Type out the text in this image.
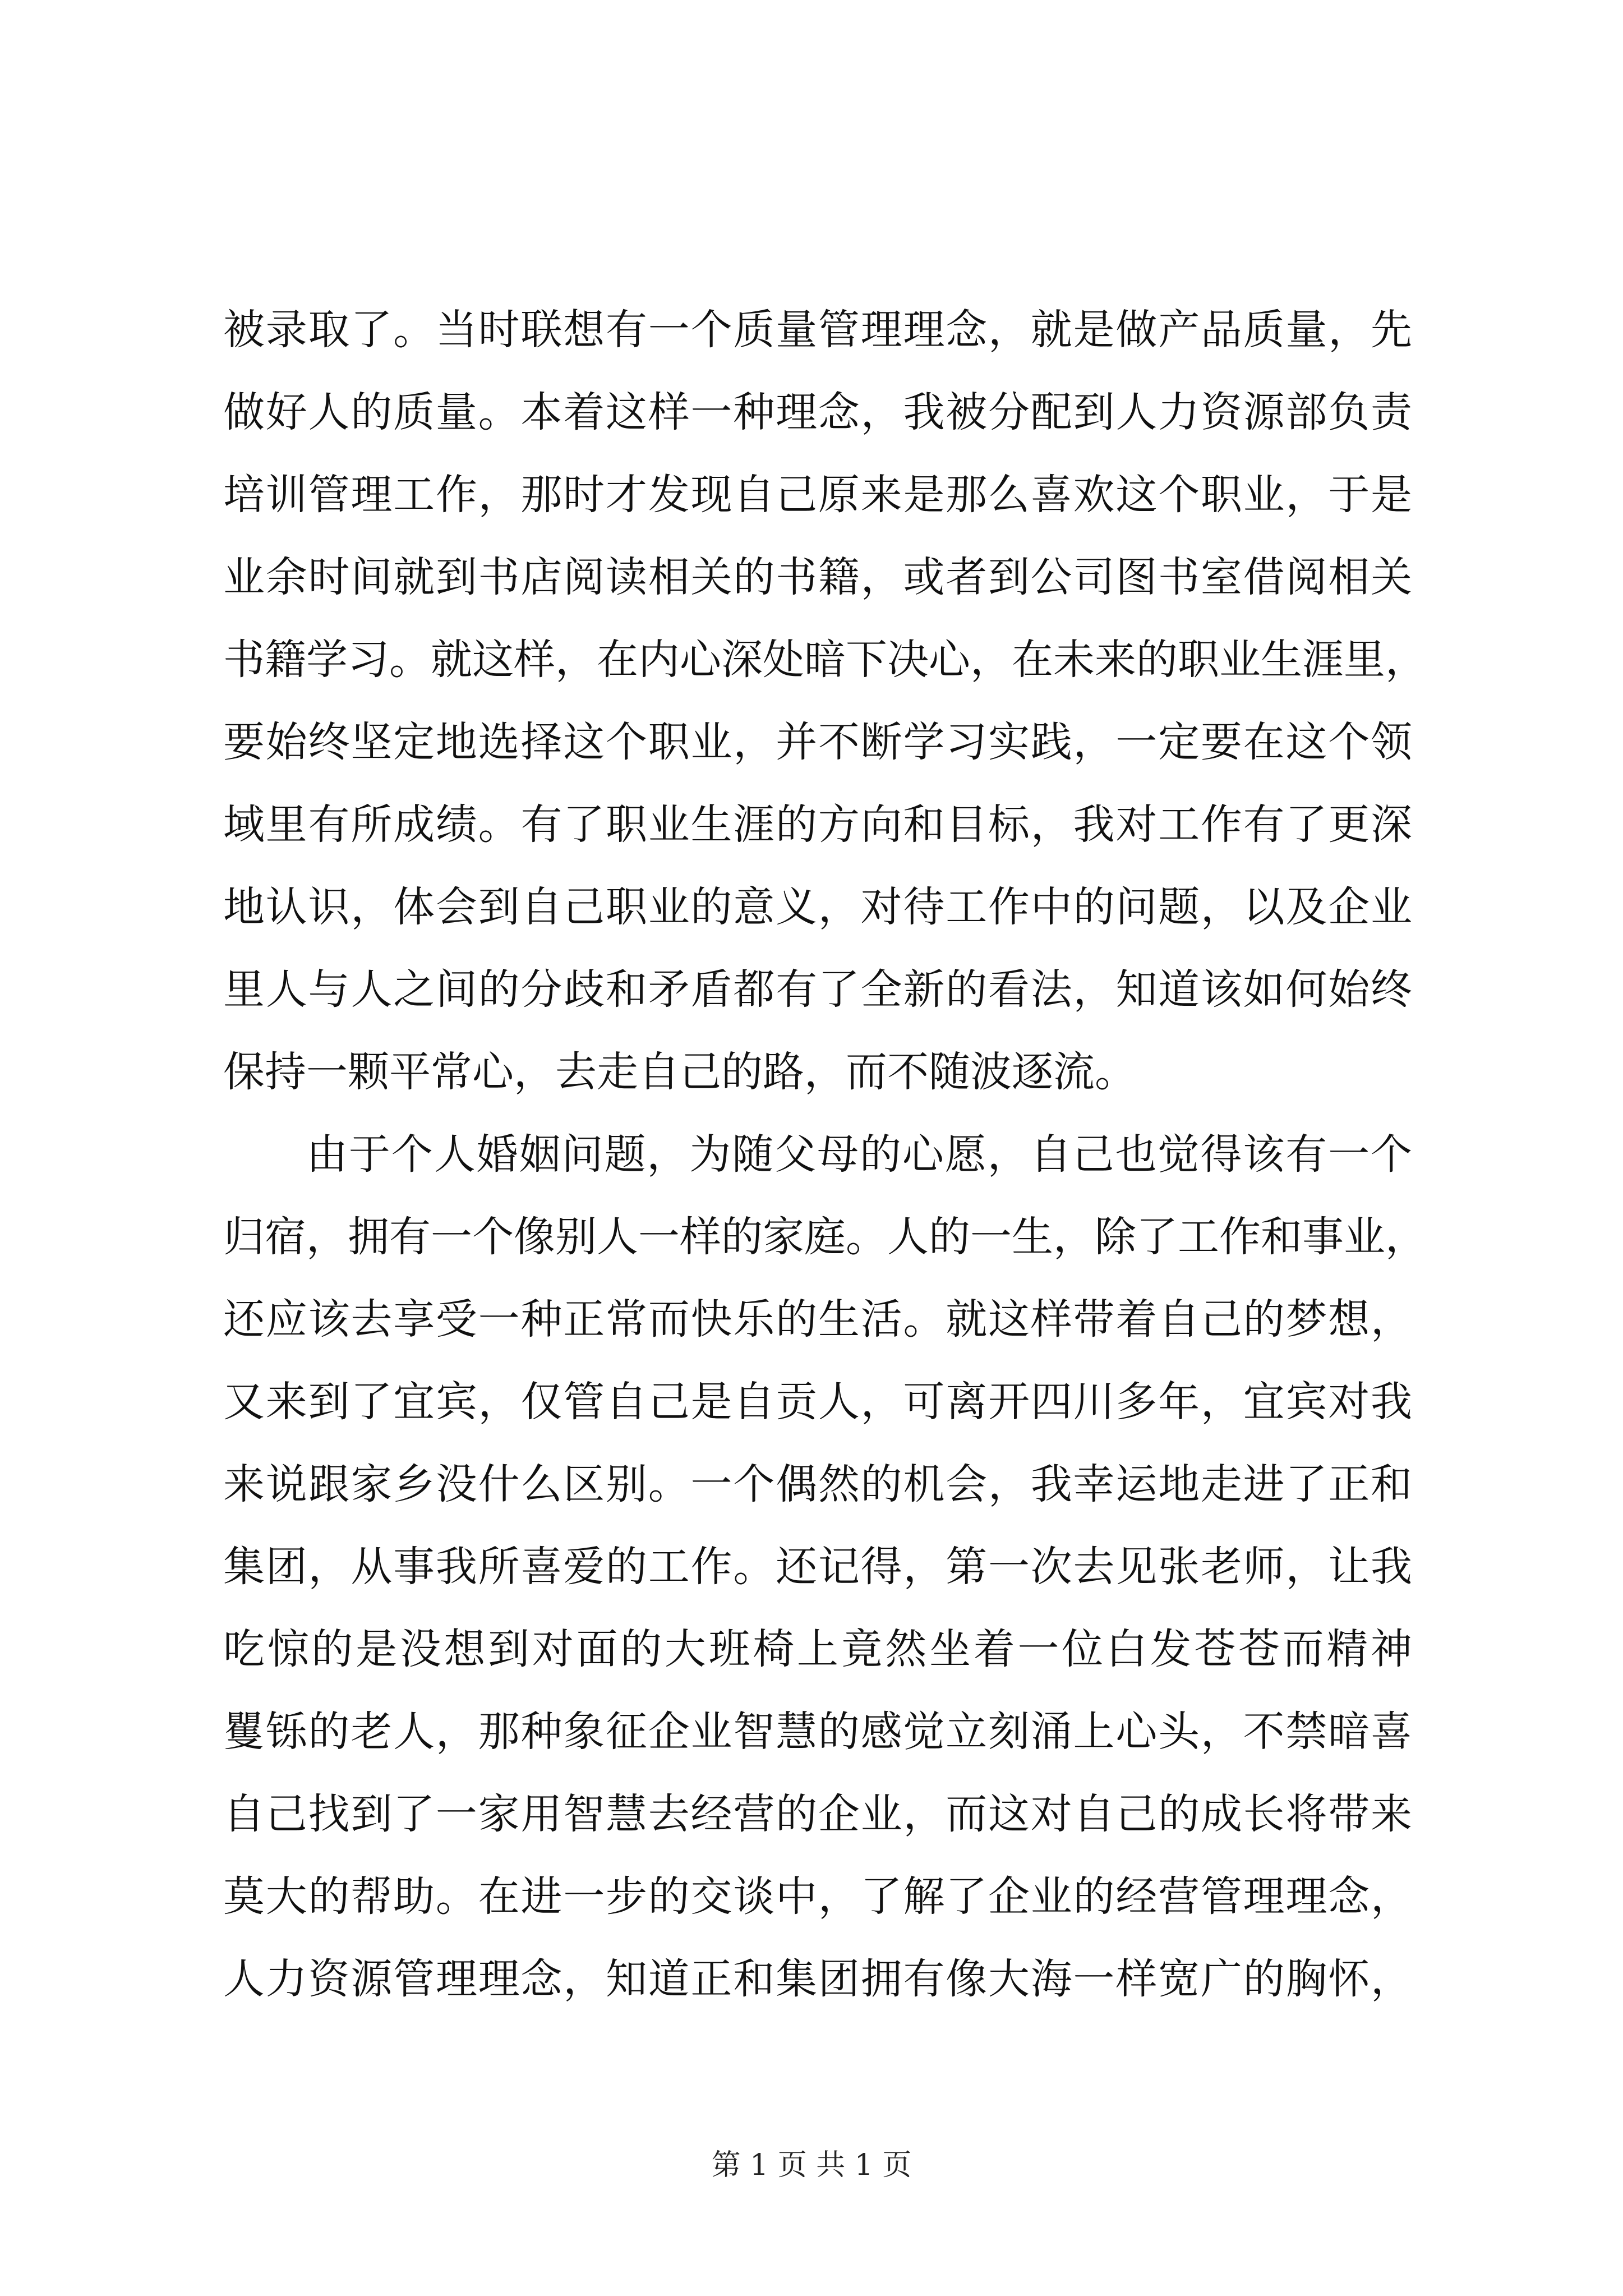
被录取了。当时联想有一个质量管理理念，就是做产品质量，先
做好人的质量。本着这样一种理念，我被分配到人力资源部负责
培训管理工作，那时才发现自己原来是那么喜欢这个职业，于是
业余时间就到书店阅读相关的书籍，或者到公司图书室借阅相关
书籍学习。就这样，在内心深处暗下决心，在未来的职业生涯里，
要始终坚定地选择这个职业，并不断学习实践，一定要在这个领
域里有所成绩。有了职业生涯的方向和目标，我对工作有了更深
地认识，体会到自己职业的意义，对待工作中的问题，以及企业
里人与人之间的分歧和矛盾都有了全新的看法，知道该如何始终
保持一颗平常心，去走自己的路，而不随波逐流。
由于个人婚姻问题，为随父母的心愿，自己也觉得该有一个
归宿，拥有一个像别人一样的家庭。人的一生，除了工作和事业，
还应该去享受一种正常而快乐的生活。就这样带着自己的梦想，
又来到了宜宾，仅管自己是自贡人，可离开四川多年，宜宾对我
来说跟家乡没什么区别。一个偶然的机会，我幸运地走进了正和
集团，从事我所喜爱的工作。还记得，第一次去见张老师，让我
吃惊的是没想到对面的大班椅上竟然坐着一位白发苍苍而精神
矍铄的老人，那种象征企业智慧的感觉立刻涌上心头，不禁暗喜
自己找到了一家用智慧去经营的企业，而这对自己的成长将带来
莫大的帮助。在进一步的交谈中，了解了企业的经营管理理念，
人力资源管理理念，知道正和集团拥有像大海一样宽广的胸怀，
第 1 页 共 1 页
